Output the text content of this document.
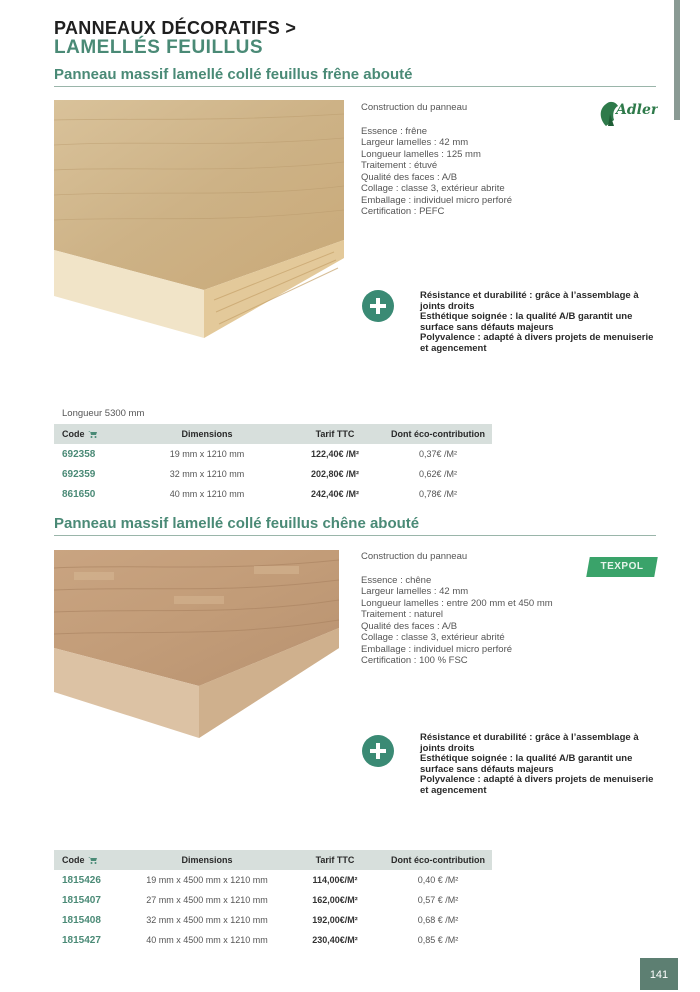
PANNEAUX DÉCORATIFS >
LAMELLÉS FEUILLUS
Panneau massif lamellé collé feuillus frêne abouté
Adler
Construction du panneau
Essence : frêne
Largeur lamelles : 42 mm
Longueur lamelles : 125 mm
Traitement : étuvé
Qualité des faces : A/B
Collage : classe 3, extérieur abrite
Emballage : individuel micro perforé
Certification : PEFC
Résistance et durabilité : grâce à l’assemblage à joints droits
Esthétique soignée : la qualité A/B garantit une surface sans défauts majeurs
Polyvalence : adapté à divers projets de menuiserie et agencement
Longueur 5300 mm
Code	Dimensions	Tarif TTC	Dont éco-contribution
692358	19 mm x 1210 mm	122,40€ /M²	0,37€ /M²
692359	32 mm x 1210 mm	202,80€ /M²	0,62€ /M²
861650	40 mm x 1210 mm	242,40€ /M²	0,78€ /M²
Panneau massif lamellé collé feuillus chêne abouté
TEXPOL
Construction du panneau
Essence : chêne
Largeur lamelles : 42 mm
Longueur lamelles : entre 200 mm et 450 mm
Traitement : naturel
Qualité des faces : A/B
Collage : classe 3, extérieur abrité
Emballage : individuel micro perforé
Certification : 100 % FSC
Résistance et durabilité : grâce à l’assemblage à joints droits
Esthétique soignée : la qualité A/B garantit une surface sans défauts majeurs
Polyvalence : adapté à divers projets de menuiserie et agencement
Code	Dimensions	Tarif TTC	Dont éco-contribution
1815426	19 mm x 4500 mm x 1210 mm	114,00€/M²	0,40 € /M²
1815407	27 mm x 4500 mm x 1210 mm	162,00€/M²	0,57 € /M²
1815408	32 mm x 4500 mm x 1210 mm	192,00€/M²	0,68 € /M²
1815427	40 mm x 4500 mm x 1210 mm	230,40€/M²	0,85 € /M²
141
